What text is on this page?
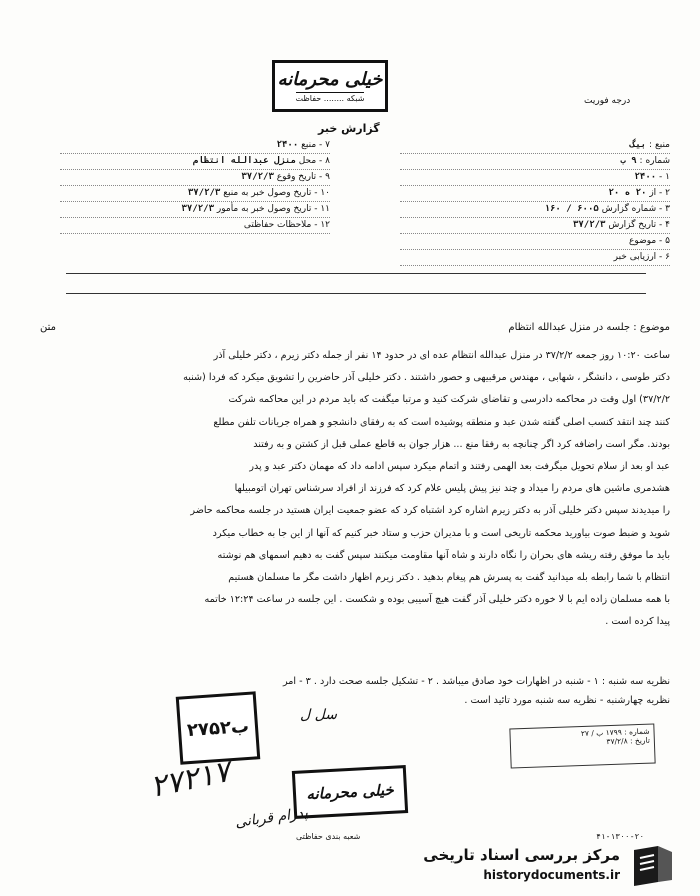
خیلی محرمانه
شبکه ........ حفاظت	درجه فوریت
گزارش خبر
منبع : بیگ
شماره : ۹ ب
۱ - ۲۴۰۰
۲ - از ۲۰ ه ۲۰
۳ - شماره گزارش ۶۰۰۵ / ۱۶۰
۴ - تاریخ گزارش ۳۷/۲/۳
۵ - موضوع
۶ - ارزیابی خبر
۷ - منبع ۲۴۰۰
۸ - محل منزل عبدالله انتظام
۹ - تاریخ وقوع ۳۷/۲/۳
۱۰ - تاریخ وصول خبر به منبع ۳۷/۲/۳
۱۱ - تاریخ وصول خبر به مأمور ۳۷/۲/۳
۱۲ - ملاحظات حفاظتی
متن	موضوع : جلسه در منزل عبدالله انتظام

ساعت ۱۰:۲۰ روز جمعه ۳۷/۲/۲ در منزل عبدالله انتظام عده ای در حدود ۱۴ نفر از جمله دکتر زیرم ، دکتر خلیلی آذر

دکتر طوسی ، دانشگر ، شهابی ، مهندس مرقبیهی و حصور داشتند . دکتر خلیلی آذر حاضرین را تشویق میکرد که فردا (شنبه

۳۷/۲/۲) اول وقت در محاکمه دادرسی و تقاضای شرکت کنید و مرتبا میگفت که باید مردم در این محاکمه شرکت

کنند چند انتقد کنسب اصلی گفته شدن عبد و منطقه پوشیده است که به رفقای دانشجو و همراه جریانات تلفن مطلع

بودند. مگر است راضافه کرد اگر چنانچه به رفقا منع ... هزار جوان به قاطع عملی قبل از کشتن و به رفتند

عبد او بعد از سلام تحویل میگرفت بعد الهمی رفتند و اتمام میکرد سپس ادامه داد که مهمان دکتر عبد و پدر

هشدمری ماشین های مردم را میداد و چند نیز پیش پلیس علام کرد که فرزند از افراد سرشناس تهران اتومبیلها

را میدیدند سپس دکتر خلیلی آذر به دکتر زیرم اشاره کرد اشتباه کرد که عضو جمعیت ایران هستید در جلسه محاکمه حاضر

شوید و ضبط صوت بیاورید محکمه تاریخی است و با مدیران حزب و ستاد خبر کنیم که آنها از این جا به خطاب میکرد

باید ما موفق رفته ریشه های بحران را نگاه دارند و شاه آنها مقاومت میکنند سپس گفت به دهیم اسمهای هم نوشته

انتظام با شما رابطه بله میدانید گفت به پسرش هم پیغام بدهید . دکتر زیرم اظهار داشت مگر ما مسلمان هستیم

با همه مسلمان زاده ایم با لا خوره دکتر خلیلی آذر گفت هیچ آسیبی بوده و شکست . این جلسه در ساعت ۱۲:۲۴ خاتمه

پیدا کرده است .

نظریه سه شنبه : ۱ - شنبه در اظهارات خود صادق میباشد . ۲ - تشکیل جلسه صحت دارد . ۳ - امر

نظریه چهارشنبه - نظریه سه شنبه مورد تائید است .

سل ل
۲۷۵۲ب	شماره : ۱۷۹۹ ب / ۲۷
تاریخ : ۳۷/۲/۸
۲۷۲۱۷	خیلی محرمانه
پدرام قربانی
شعبه بندی حفاظتی	۴۱-۱۳۰۰-۲۰
مرکز بررسی اسناد تاریخی
historydocuments.ir
